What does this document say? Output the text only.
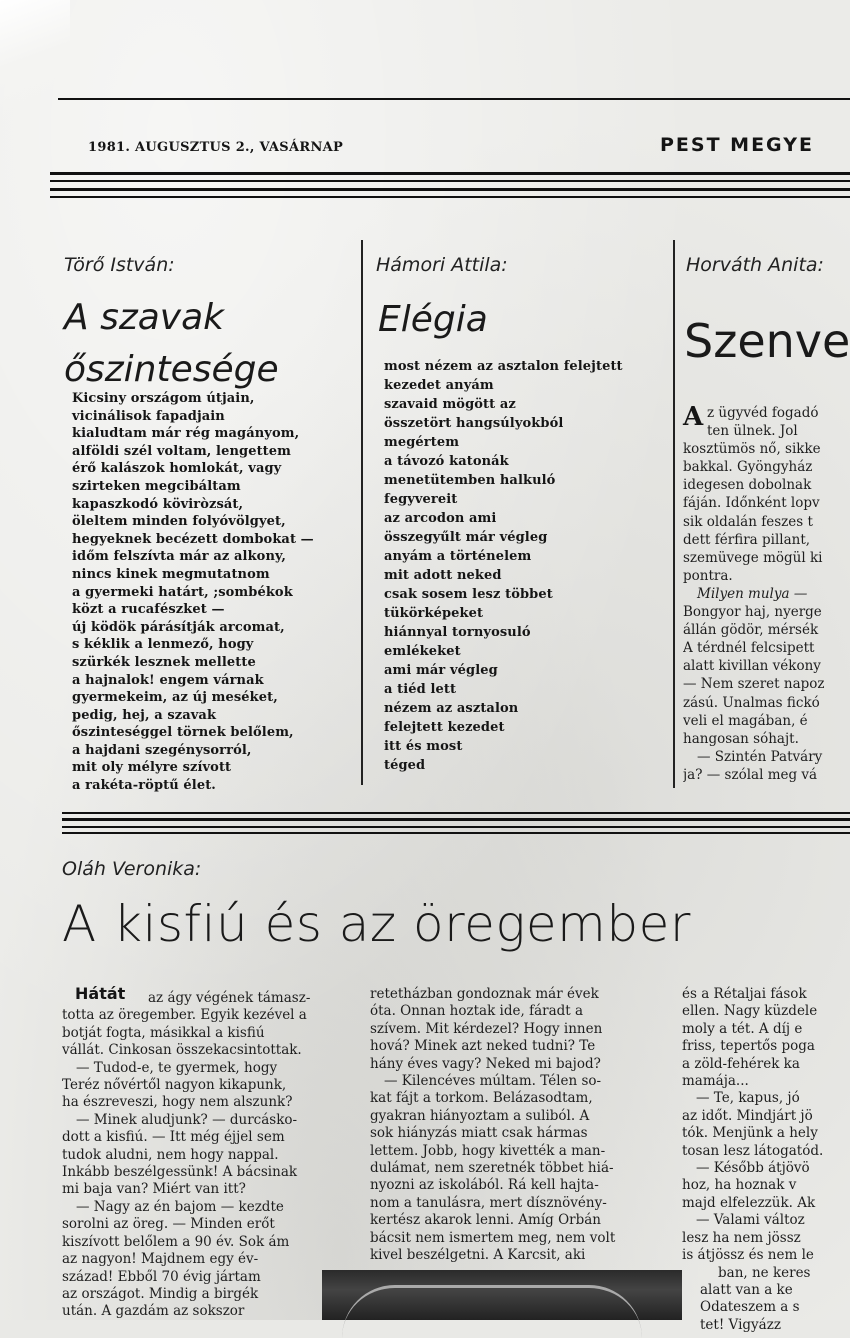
1981. AUGUSZTUS 2., VASÁRNAP	PEST MEGYE
Törő István:
A szavak
őszintesége
Kicsiny országom útjain,
vicinálisok fapadjain
kialudtam már rég magányom,
alföldi szél voltam, lengettem
érő kalászok homlokát, vagy
szirteken megcibáltam
kapaszkodó köviròzsát,
öleltem minden folyóvölgyet,
hegyeknek becézett dombokat —
időm felszívta már az alkony,
nincs kinek megmutatnom
a gyermeki határt, ;sombékok
közt a rucafészket —
új ködök párásítják arcomat,
s kéklik a lenmező, hogy
szürkék lesznek mellette
a hajnalok! engem várnak
gyermekeim, az új meséket,
pedig, hej, a szavak
őszinteséggel törnek belőlem,
a hajdani szegénysorról,
mit oly mélyre szívott
a rakéta-röptű élet.
Hámori Attila:
Elégia
most nézem az asztalon felejtett
kezedet anyám
szavaid mögött az
összetört hangsúlyokból
megértem
a távozó katonák
menetütemben halkuló
fegyvereit
az arcodon ami
összegyűlt már végleg
anyám a történelem
mit adott neked
csak sosem lesz többet
tükörképeket
hiánnyal tornyosuló
emlékeket
ami már végleg
a tiéd lett
nézem az asztalon
felejtett kezedet
itt és most
téged
Horváth Anita:
Szenve
A z ügyvéd fogadó
ten ülnek. Jol
kosztümös nő, sikke
bakkal. Gyöngyház
idegesen dobolnak
fáján. Időnként lopv
sik oldalán feszes t
dett férfira pillant,
szemüvege mögül ki
pontra.
Milyen mulya —
Bongyor haj, nyerge
állán gödör, mérsék
A térdnél felcsipett
alatt kivillan vékony
— Nem szeret napoz
zású. Unalmas fickó
veli el magában, é
hangosan sóhajt.
— Szintén Patváry
ja? — szólal meg vá
Oláh Veronika:
A kisfiú és az öregember
Hátát	az ágy végének támasz-
totta az öregember. Egyik kezével a
botját fogta, másikkal a kisfiú
vállát. Cinkosan összekacsintottak.
— Tudod-e, te gyermek, hogy
Teréz nővértől nagyon kikapunk,
ha észreveszi, hogy nem alszunk?
— Minek aludjunk? — durcásko-
dott a kisfiú. — Itt még éjjel sem
tudok aludni, nem hogy nappal.
Inkább beszélgessünk! A bácsinak
mi baja van? Miért van itt?
— Nagy az én bajom — kezdte
sorolni az öreg. — Minden erőt
kiszívott belőlem a 90 év. Sok ám
az nagyon! Majdnem egy év-
század! Ebből 70 évig jártam
az országot. Mindig a birgék
után. A gazdám az sokszor
retetházban gondoznak már évek
óta. Onnan hoztak ide, fáradt a
szívem. Mit kérdezel? Hogy innen
hová? Minek azt neked tudni? Te
hány éves vagy? Neked mi bajod?
— Kilencéves múltam. Télen so-
kat fájt a torkom. Belázasodtam,
gyakran hiányoztam a suliból. A
sok hiányzás miatt csak hármas
lettem. Jobb, hogy kivették a man-
dulámat, nem szeretnék többet hiá-
nyozni az iskolából. Rá kell hajta-
nom a tanulásra, mert dísznövény-
kertész akarok lenni. Amíg Orbán
bácsit nem ismertem meg, nem volt
kivel beszélgetni. A Karcsit, aki
és a Rétaljai fások
ellen. Nagy küzdele
moly a tét. A díj e
friss, tepertős poga
a zöld-fehérek ka
mamája...
— Te, kapus, jó
az időt. Mindjárt jö
tók. Menjünk a hely
tosan lesz látogatód.
— Később átjövö
hoz, ha hoznak v
majd elfelezzük. Ak
— Valami változ
lesz ha nem jössz
is átjössz és nem le
ban, ne keres
alatt van a ke
Odateszem a s
tet! Vigyázz
